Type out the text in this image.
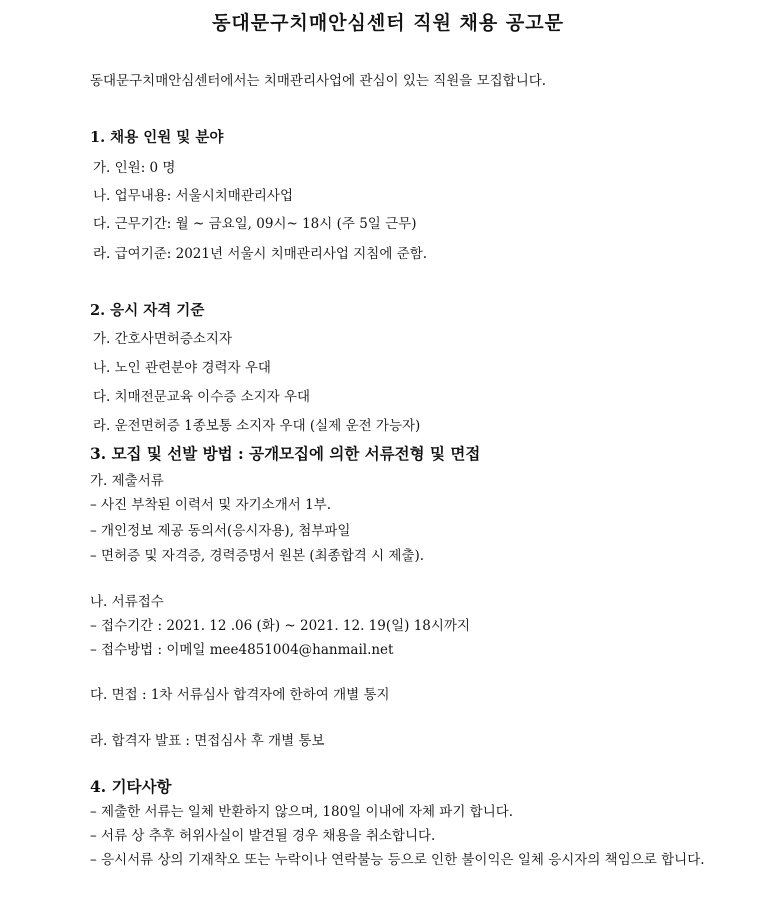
동대문구치매안심센터 직원 채용 공고문
동대문구치매안심센터에서는 치매관리사업에 관심이 있는 직원을 모집합니다.
1. 채용 인원 및 분야
가. 인원: 0 명
나. 업무내용: 서울시치매관리사업
다. 근무기간: 월 ~ 금요일, 09시~ 18시 (주 5일 근무)
라. 급여기준: 2021년 서울시 치매관리사업 지침에 준함.
2. 응시 자격 기준
가. 간호사면허증소지자
나. 노인 관련분야 경력자 우대
다. 치매전문교육 이수증 소지자 우대
라. 운전면허증 1종보통 소지자 우대 (실제 운전 가능자)
3. 모집 및 선발 방법 : 공개모집에 의한 서류전형 및 면접
가. 제출서류
– 사진 부착된 이력서 및 자기소개서 1부.
– 개인정보 제공 동의서(응시자용), 첨부파일
– 면허증 및 자격증, 경력증명서 원본 (최종합격 시 제출).
나. 서류접수
– 접수기간 : 2021. 12 .06 (화) ~ 2021. 12. 19(일) 18시까지
– 접수방법 : 이메일 mee4851004@hanmail.net
다. 면접 : 1차 서류심사 합격자에 한하여 개별 통지
라. 합격자 발표 : 면접심사 후 개별 통보
4. 기타사항
– 제출한 서류는 일체 반환하지 않으며, 180일 이내에 자체 파기 합니다.
– 서류 상 추후 허위사실이 발견될 경우 채용을 취소합니다.
– 응시서류 상의 기재착오 또는 누락이나 연락불능 등으로 인한 불이익은 일체 응시자의 책임으로 합니다.
